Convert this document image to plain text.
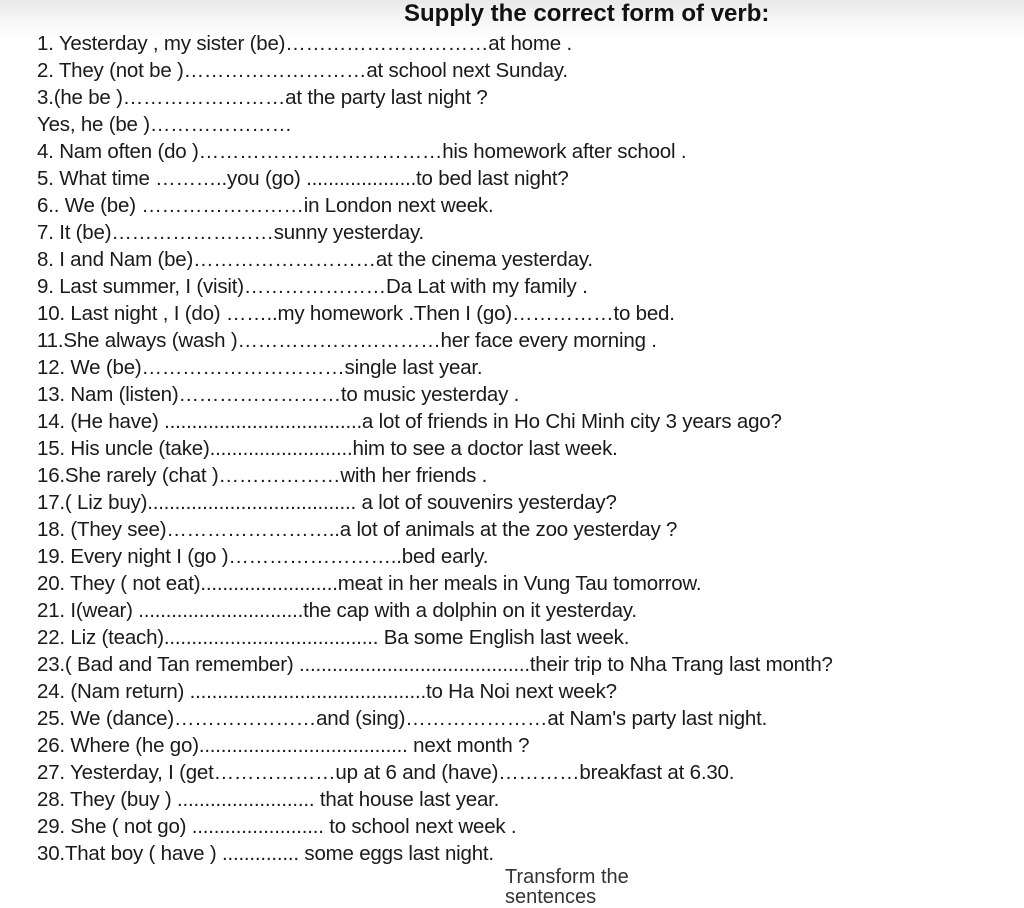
Supply the correct form of verb:
1. Yesterday , my sister (be)…………………………at home .
2. They (not be )………………………at school next Sunday.
3.(he be )……………………at the party last night ?
Yes, he (be )…………………
4. Nam often (do )………………………………his homework after school .
5. What time ………..you (go) ....................to bed last night?
6.. We (be) ……………………in London next week.
7. It (be)……………………sunny yesterday.
8. I and Nam (be)………………………at the cinema yesterday.
9. Last summer, I (visit)…………………Da Lat with my family .
10. Last night , I (do) ……..my homework .Then I (go)……………to bed.
11.She always (wash )…………………………her face every morning .
12. We (be)…………………………single last year.
13. Nam (listen)……………………to music yesterday .
14. (He have) ....................................a lot of friends in Ho Chi Minh city 3 years ago?
15. His uncle (take)..........................him to see a doctor last week.
16.She rarely (chat )………………with her friends .
17.( Liz buy)...................................... a lot of souvenirs yesterday?
18. (They see)……………………..a lot of animals at the zoo yesterday ?
19. Every night I (go )……………………..bed early.
20. They ( not eat).........................meat in her meals in Vung Tau tomorrow.
21. I(wear) ..............................the cap with a dolphin on it yesterday.
22. Liz (teach)....................................... Ba some English last week.
23.( Bad and Tan remember) ..........................................their trip to Nha Trang last month?
24. (Nam return) ...........................................to Ha Noi next week?
25. We (dance)…………………and (sing)…………………at Nam's party last night.
26. Where (he go)...................................... next month ?
27. Yesterday, I (get………………up at 6 and (have)…………breakfast at 6.30.
28. They (buy ) ......................... that house last year.
29. She ( not go) ........................ to school next week .
30.That boy ( have ) .............. some eggs last night.
Transform the sentences
